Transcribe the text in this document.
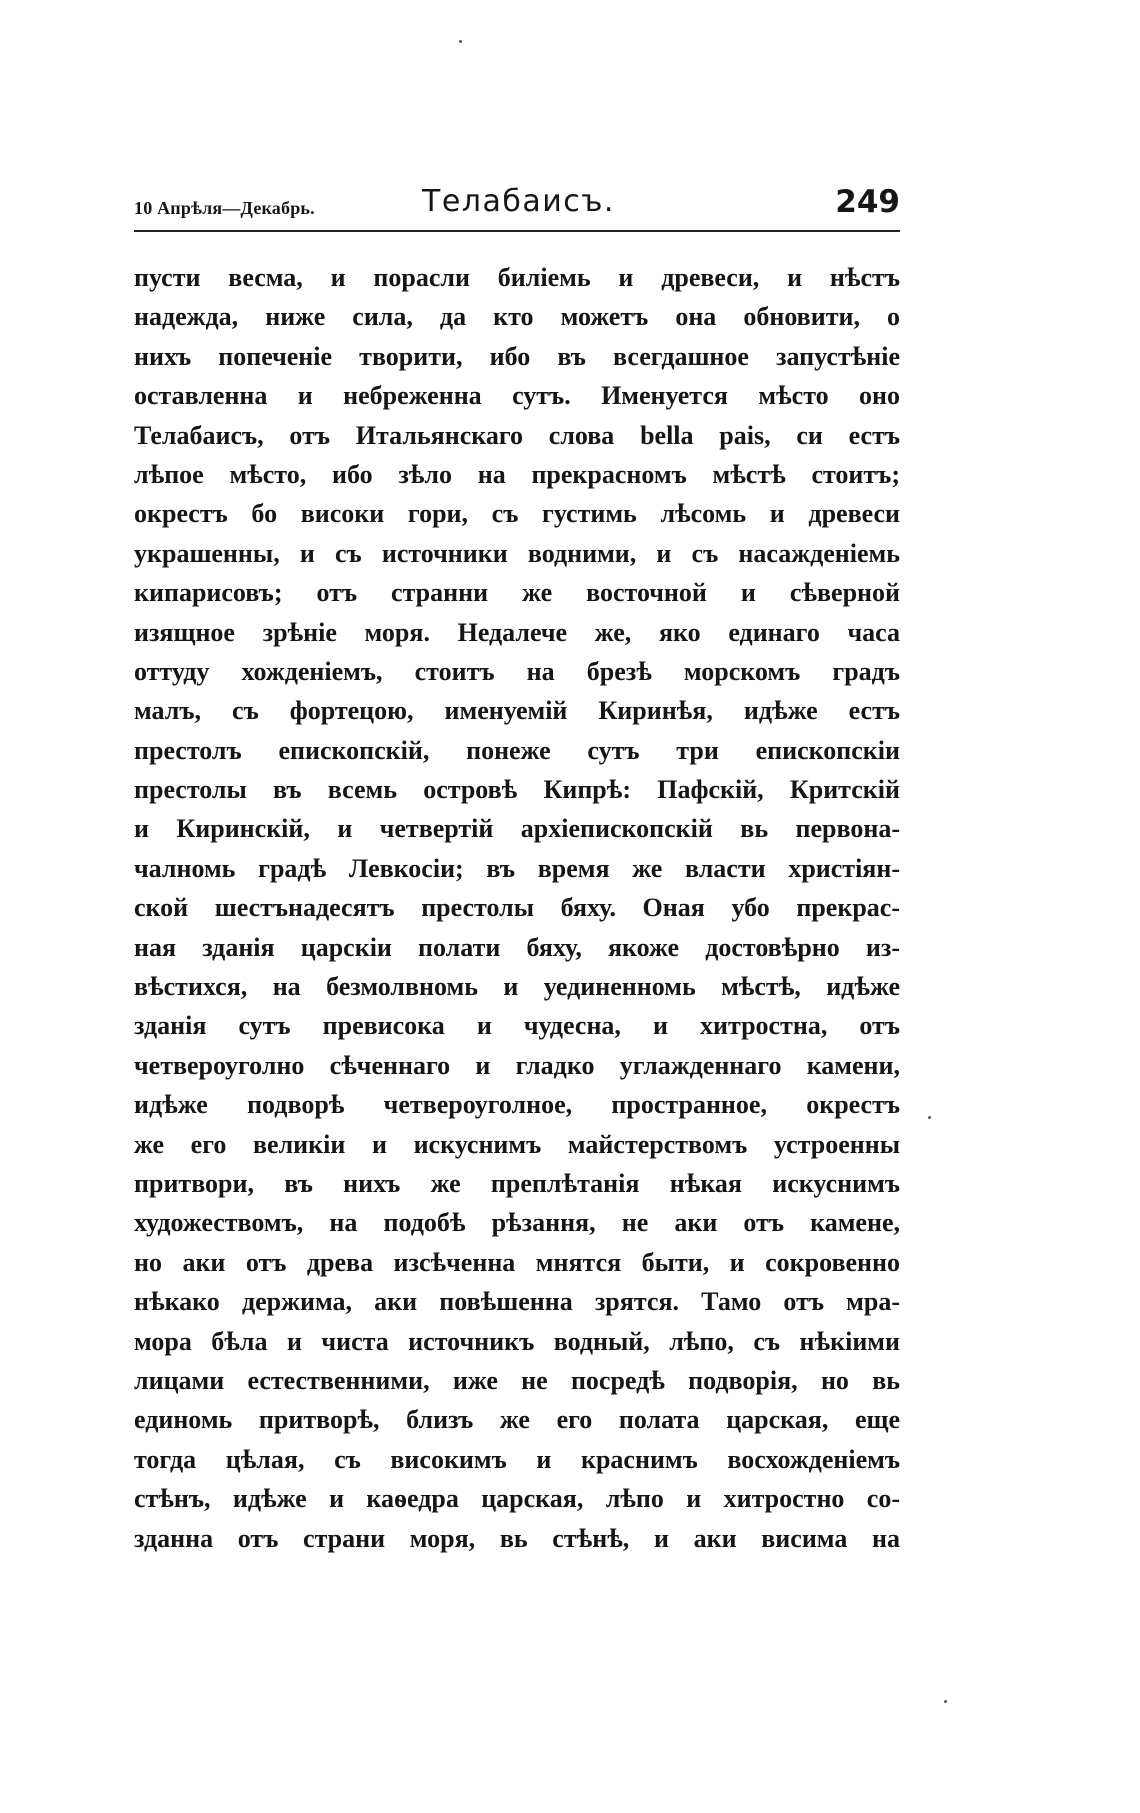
10 Апрѣля—Декабрь.	Телабаисъ.	249
пусти весма, и порасли биліемь и древеси, и нѣстъ
надежда, ниже сила, да кто можетъ она обновити, о
нихъ попеченіе творити, ибо въ всегдашное запустѣніе
оставленна и небреженна сутъ. Именуется мѣсто оно
Телабаисъ, отъ Итальянскаго слова bella pais, си естъ
лѣпое мѣсто, ибо зѣло на прекрасномъ мѣстѣ стоитъ;
окрестъ бо високи гори, съ густимь лѣсомь и древеси
украшенны, и съ источники водними, и съ насажденіемь
кипарисовъ; отъ странни же восточной и сѣверной
изящное зрѣніе моря. Недалече же, яко единаго часа
оттуду хожденіемъ, стоитъ на брезѣ морскомъ градъ
малъ, съ фортецою, именуемій Киринѣя, идѣже естъ
престолъ епископскій, понеже сутъ три епископскіи
престолы въ всемь островѣ Кипрѣ: Пафскій, Критскій
и Киринскій, и четвертій архіепископскій вь первона-
чалномь градѣ Левкосіи; въ время же власти христіян-
ской шестънадесятъ престолы бяху. Оная убо прекрас-
ная зданія царскіи полати бяху, якоже достовѣрно из-
вѣстихся, на безмолвномь и уединенномь мѣстѣ, идѣже
зданія сутъ превисока и чудесна, и хитростна, отъ
четвероуголно сѣченнаго и гладко углажденнаго камени,
идѣже подворѣ четвероуголное, пространное, окрестъ
же его великіи и искуснимъ майстерствомъ устроенны
притвори, въ нихъ же преплѣтанія нѣкая искуснимъ
художествомъ, на подобѣ рѣзання, не аки отъ камене,
но аки отъ древа изсѣченна мнятся быти, и сокровенно
нѣкако держима, аки повѣшенна зрятся. Тамо отъ мра-
мора бѣла и чиста источникъ водный, лѣпо, съ нѣкіими
лицами естественними, иже не посредѣ подворія, но вь
единомь притворѣ, близъ же его полата царская, еще
тогда цѣлая, съ високимъ и краснимъ восхожденіемъ
стѣнъ, идѣже и каѳедра царская, лѣпо и хитростно со-
зданна отъ страни моря, вь стѣнѣ, и аки висима на
